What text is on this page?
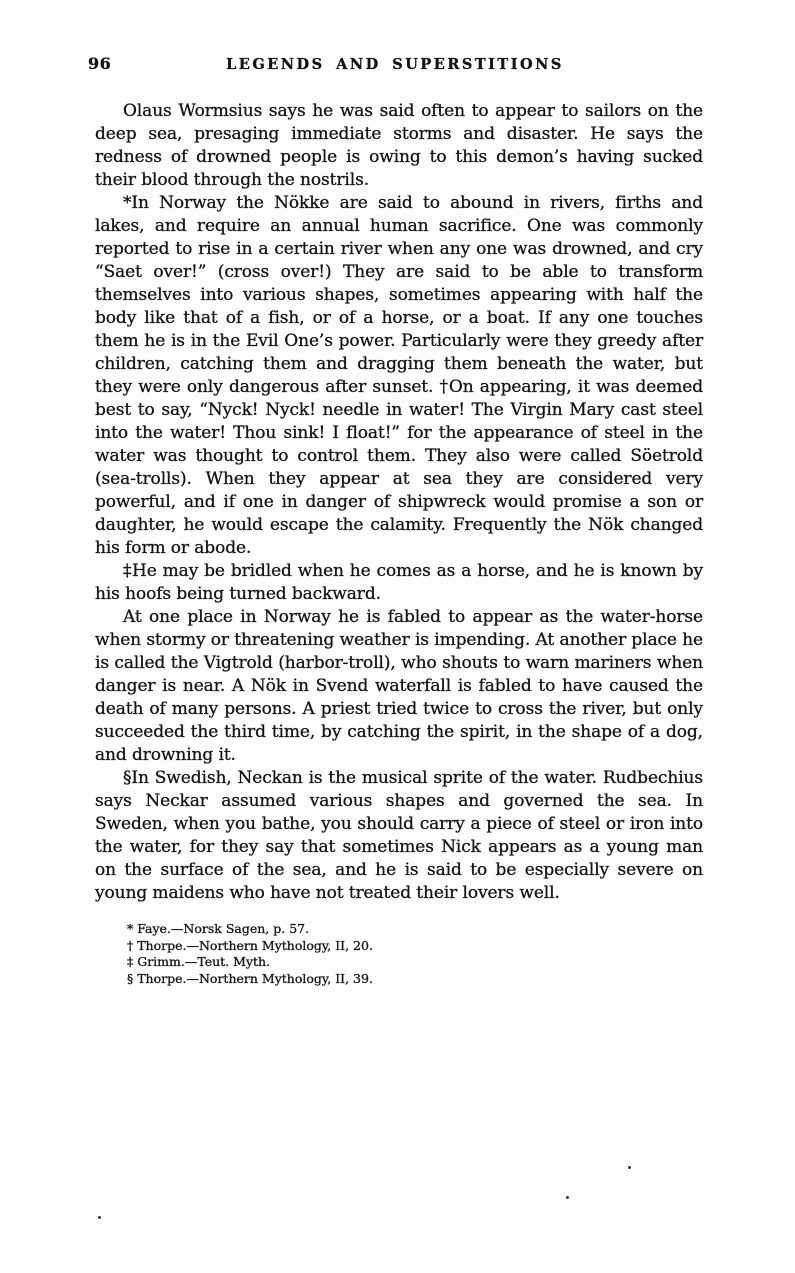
96	LEGENDS AND SUPERSTITIONS

Olaus Wormsius says he was said often to appear to sailors on the deep sea, presaging immediate storms and disaster. He says the redness of drowned people is owing to this demon’s having sucked their blood through the nostrils.

*In Norway the Nökke are said to abound in rivers, firths and lakes, and require an annual human sacrifice. One was commonly reported to rise in a certain river when any one was drowned, and cry “Saet over!” (cross over!) They are said to be able to transform themselves into various shapes, sometimes appearing with half the body like that of a fish, or of a horse, or a boat. If any one touches them he is in the Evil One’s power. Particularly were they greedy after children, catching them and dragging them beneath the water, but they were only dangerous after sunset. †On appearing, it was deemed best to say, “Nyck! Nyck! needle in water! The Virgin Mary cast steel into the water! Thou sink! I float!” for the appearance of steel in the water was thought to control them. They also were called Söetrold (sea-trolls). When they appear at sea they are considered very powerful, and if one in danger of shipwreck would promise a son or daughter, he would escape the calamity. Frequently the Nök changed his form or abode.

‡He may be bridled when he comes as a horse, and he is known by his hoofs being turned backward.

At one place in Norway he is fabled to appear as the water-horse when stormy or threatening weather is impending. At another place he is called the Vigtrold (harbor-troll), who shouts to warn mariners when danger is near. A Nök in Svend waterfall is fabled to have caused the death of many persons. A priest tried twice to cross the river, but only succeeded the third time, by catching the spirit, in the shape of a dog, and drowning it.

§In Swedish, Neckan is the musical sprite of the water. Rudbechius says Neckar assumed various shapes and governed the sea. In Sweden, when you bathe, you should carry a piece of steel or iron into the water, for they say that sometimes Nick appears as a young man on the surface of the sea, and he is said to be especially severe on young maidens who have not treated their lovers well.

* Faye.—Norsk Sagen, p. 57.
† Thorpe.—Northern Mythology, II, 20.
‡ Grimm.—Teut. Myth.
§ Thorpe.—Northern Mythology, II, 39.
